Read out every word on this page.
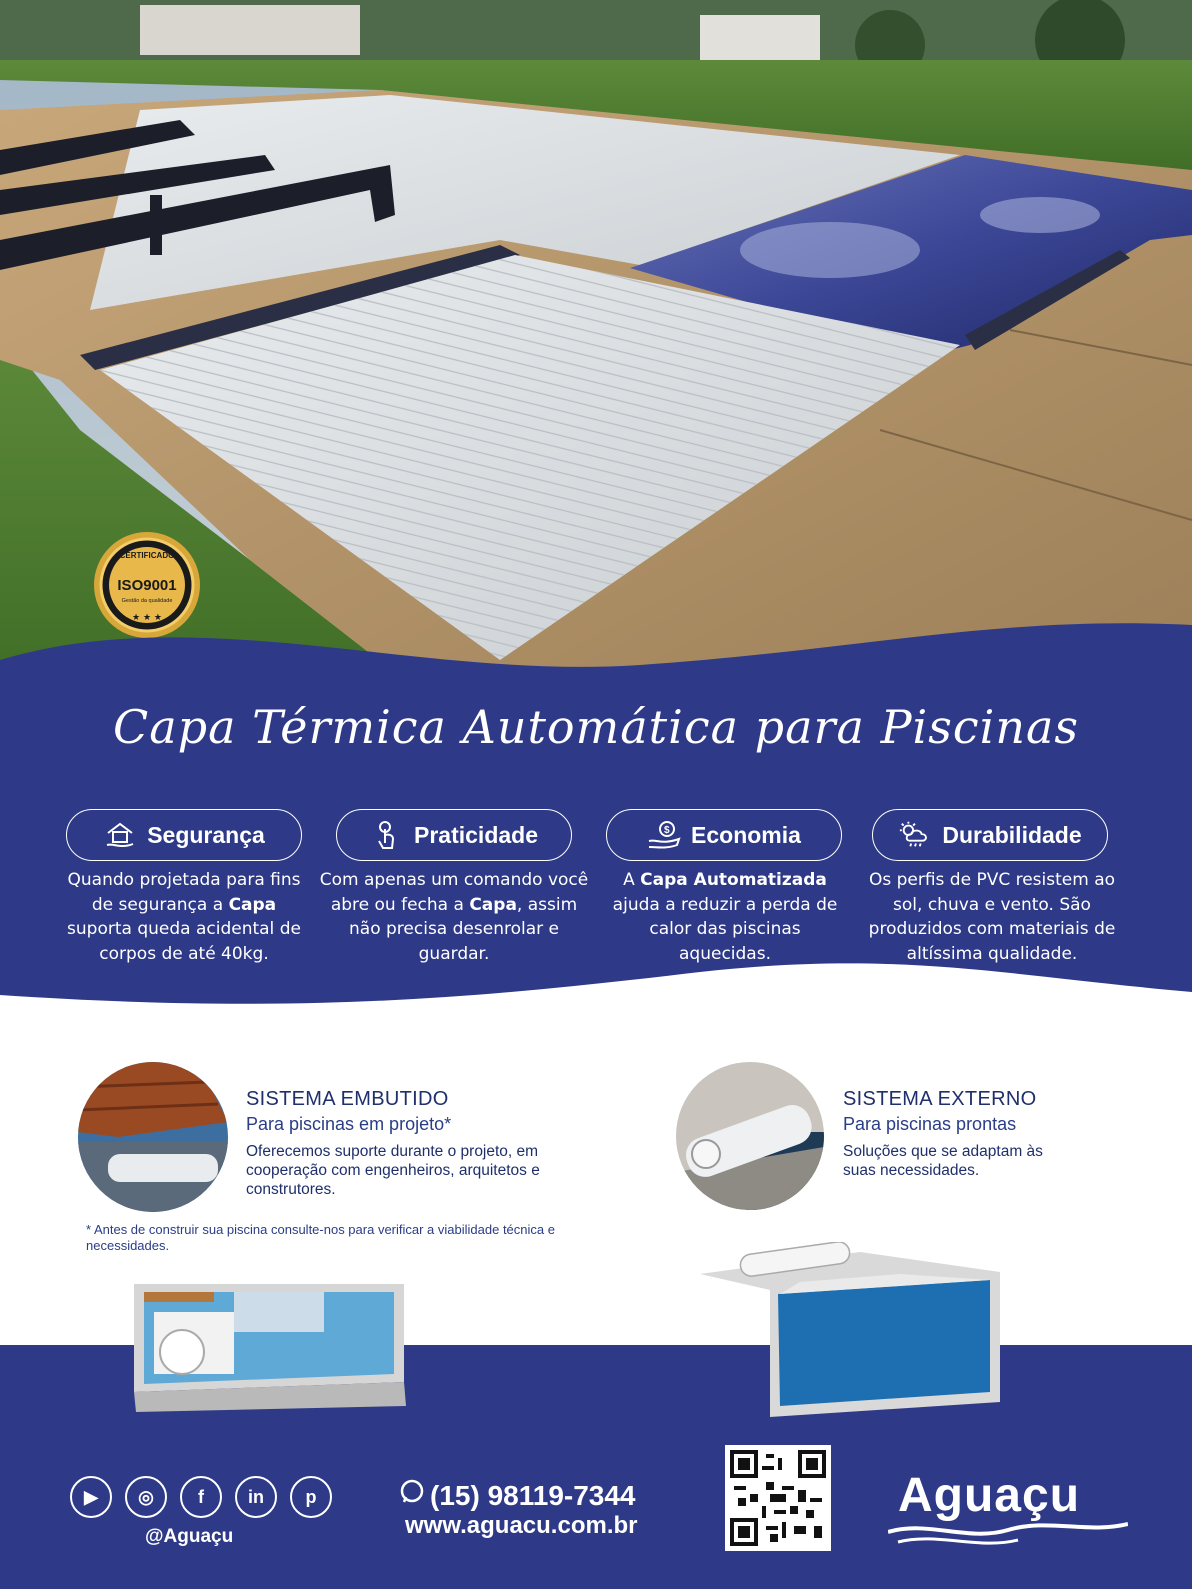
CERTIFICADO
ISO9001
Gestão da qualidade
★ ★ ★
Capa Térmica Automática para Piscinas
Segurança	Praticidade	$ Economia	Durabilidade
Quando projetada para fins de segurança a Capa suporta queda acidental de corpos de até 40kg.
Com apenas um comando você abre ou fecha a Capa, assim não precisa desenrolar e guardar.
A Capa Automatizada ajuda a reduzir a perda de calor das piscinas aquecidas.
Os perfis de PVC resistem ao sol, chuva e vento. São produzidos com materiais de altíssima qualidade.
SISTEMA EMBUTIDO
Para piscinas em projeto*
Oferecemos suporte durante o projeto, em cooperação com engenheiros, arquitetos e construtores.
* Antes de construir sua piscina consulte-nos para verificar a viabilidade técnica e necessidades.
SISTEMA EXTERNO
Para piscinas prontas
Soluções que se adaptam às suas necessidades.
▶	◎	f	in	p
@Aguaçu
(15) 98119-7344
www.aguacu.com.br
Aguaçu
